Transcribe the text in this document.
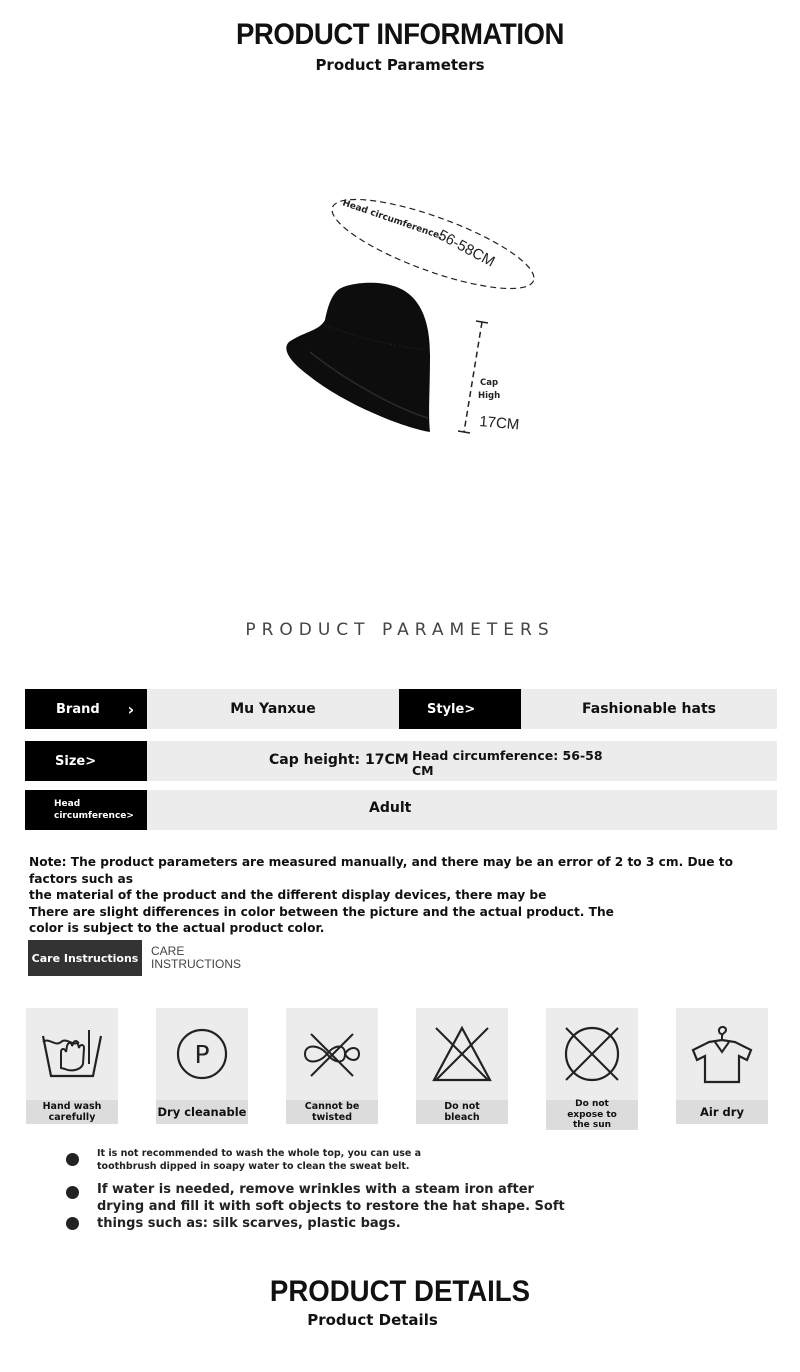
PRODUCT INFORMATION
Product Parameters
Head circumference:
56-58CM
Cap
High
17CM
PRODUCT PARAMETERS
Brand ›	Mu Yanxue	Style>	Fashionable hats
Size>	Cap height: 17CM Head circumference: 56-58
CM
Head
circumference>	Adult
Note: The product parameters are measured manually, and there may be an error of 2 to 3 cm. Due to factors such as
the material of the product and the different display devices, there may be
There are slight differences in color between the picture and the actual product. The
color is subject to the actual product color.
Care Instructions	CARE
INSTRUCTIONS
Hand wash
carefully
P
Dry cleanable	Cannot be
twisted
Do not
bleach
Do not
expose to
the sun
Air dry
It is not recommended to wash the whole top, you can use a
toothbrush dipped in soapy water to clean the sweat belt.
If water is needed, remove wrinkles with a steam iron after
drying and fill it with soft objects to restore the hat shape. Soft
things such as: silk scarves, plastic bags.
PRODUCT DETAILS
Product Details
